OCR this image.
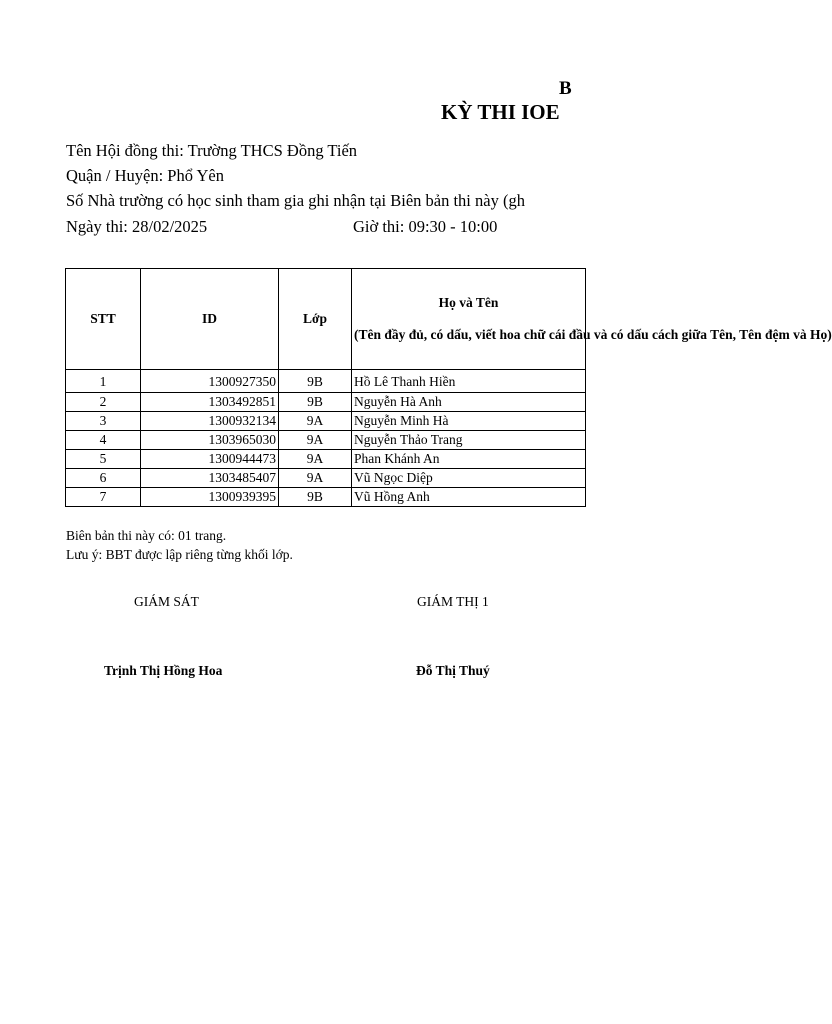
B
KỲ THI IOE
Tên Hội đồng thi: Trường THCS Đồng Tiến
Quận / Huyện: Phổ Yên
Số Nhà trường có học sinh tham gia ghi nhận tại Biên bản thi này (gh
Ngày thi: 28/02/2025	Giờ thi: 09:30 - 10:00
STT	ID	Lớp	Họ và Tên
(Tên đầy đủ, có dấu, viết hoa chữ cái đầu và có dấu cách giữa Tên, Tên đệm và Họ)
1	1300927350	9B	Hồ Lê Thanh Hiền
2	1303492851	9B	Nguyễn Hà Anh
3	1300932134	9A	Nguyễn Minh Hà
4	1303965030	9A	Nguyễn Thảo Trang
5	1300944473	9A	Phan Khánh An
6	1303485407	9A	Vũ Ngọc Diệp
7	1300939395	9B	Vũ Hồng Anh
Biên bản thi này có: 01 trang.
Lưu ý: BBT được lập riêng từng khối lớp.
GIÁM SÁT	GIÁM THỊ 1
Trịnh Thị Hồng Hoa	Đỗ Thị Thuý
